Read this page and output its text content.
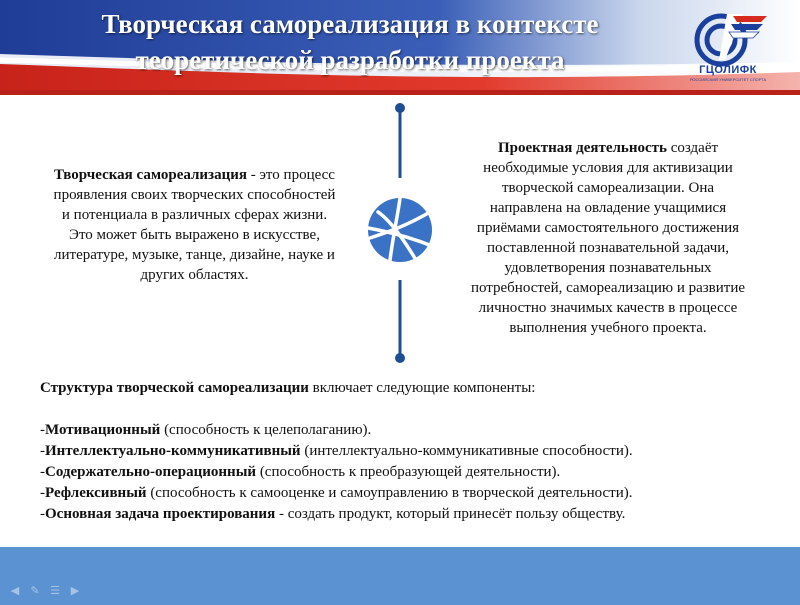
Творческая самореализация в контексте
теоретической разработки проекта	ГЦОЛИФК
РОССИЙСКИЙ УНИВЕРСИТЕТ СПОРТА
Творческая самореализация - это процесс
проявления своих творческих способностей
и потенциала в различных сферах жизни.
Это может быть выражено в искусстве,
литературе, музыке, танце, дизайне, науке и
других областях.
Проектная деятельность создаёт
необходимые условия для активизации
творческой самореализации. Она
направлена на овладение учащимися
приёмами самостоятельного достижения
поставленной познавательной задачи,
удовлетворения познавательных
потребностей, самореализацию и развитие
личностно значимых качеств в процессе
выполнения учебного проекта.
Структура творческой самореализации включает следующие компоненты:
-Мотивационный (способность к целеполаганию).
-Интеллектуально-коммуникативный (интеллектуально-коммуникативные способности).
-Содержательно-операционный (способность к преобразующей деятельности).
-Рефлексивный (способность к самооценке и самоуправлению в творческой деятельности).
-Основная задача проектирования - создать продукт, который принесёт пользу обществу.
◀ ✎ ☰ ▶
